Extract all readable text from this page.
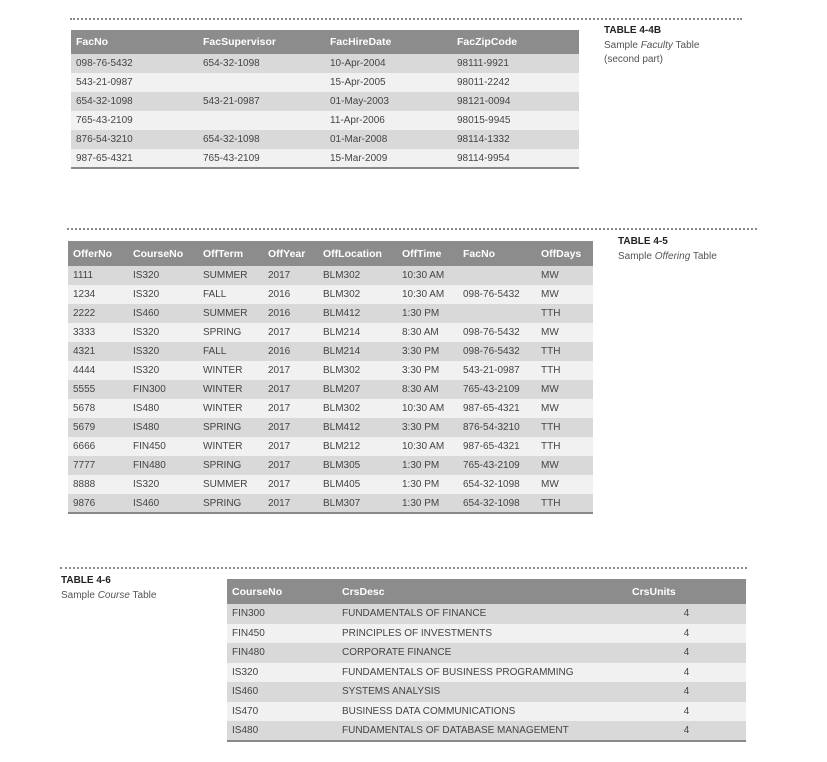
TABLE 4-4B
Sample Faculty Table
(second part)
FacNo	FacSupervisor	FacHireDate	FacZipCode
098-76-5432	654-32-1098	10-Apr-2004	98111-9921
543-21-0987		15-Apr-2005	98011-2242
654-32-1098	543-21-0987	01-May-2003	98121-0094
765-43-2109		11-Apr-2006	98015-9945
876-54-3210	654-32-1098	01-Mar-2008	98114-1332
987-65-4321	765-43-2109	15-Mar-2009	98114-9954
TABLE 4-5
Sample Offering Table
OfferNo	CourseNo	OffTerm	OffYear	OffLocation	OffTime	FacNo	OffDays
1111	IS320	SUMMER	2017	BLM302	10:30 AM		MW
1234	IS320	FALL	2016	BLM302	10:30 AM	098-76-5432	MW
2222	IS460	SUMMER	2016	BLM412	1:30 PM		TTH
3333	IS320	SPRING	2017	BLM214	8:30 AM	098-76-5432	MW
4321	IS320	FALL	2016	BLM214	3:30 PM	098-76-5432	TTH
4444	IS320	WINTER	2017	BLM302	3:30 PM	543-21-0987	TTH
5555	FIN300	WINTER	2017	BLM207	8:30 AM	765-43-2109	MW
5678	IS480	WINTER	2017	BLM302	10:30 AM	987-65-4321	MW
5679	IS480	SPRING	2017	BLM412	3:30 PM	876-54-3210	TTH
6666	FIN450	WINTER	2017	BLM212	10:30 AM	987-65-4321	TTH
7777	FIN480	SPRING	2017	BLM305	1:30 PM	765-43-2109	MW
8888	IS320	SUMMER	2017	BLM405	1:30 PM	654-32-1098	MW
9876	IS460	SPRING	2017	BLM307	1:30 PM	654-32-1098	TTH
TABLE 4-6
Sample Course Table	CourseNo	CrsDesc	CrsUnits
FIN300	FUNDAMENTALS OF FINANCE	4
FIN450	PRINCIPLES OF INVESTMENTS	4
FIN480	CORPORATE FINANCE	4
IS320	FUNDAMENTALS OF BUSINESS PROGRAMMING	4
IS460	SYSTEMS ANALYSIS	4
IS470	BUSINESS DATA COMMUNICATIONS	4
IS480	FUNDAMENTALS OF DATABASE MANAGEMENT	4
